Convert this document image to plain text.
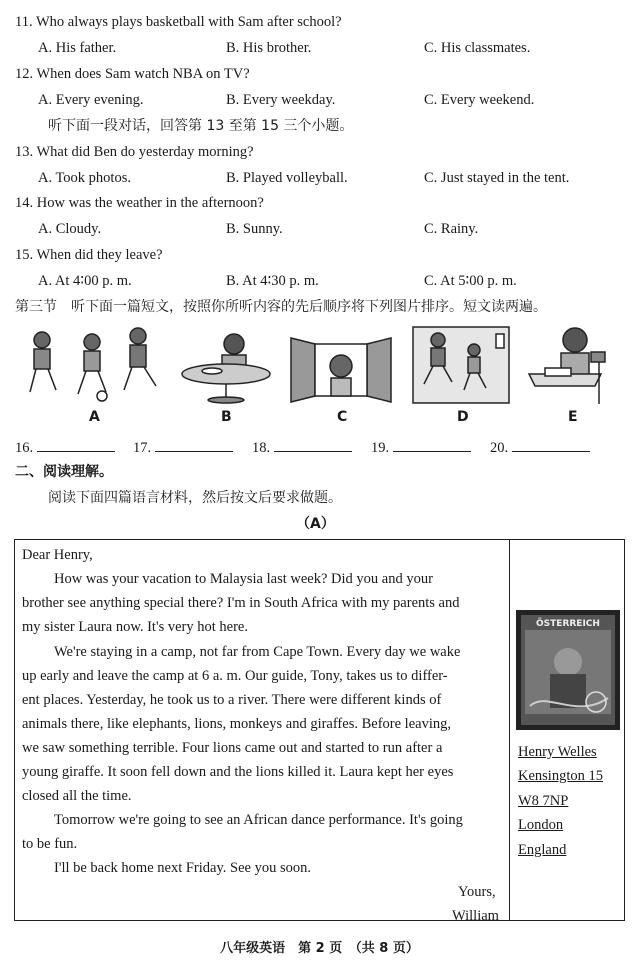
11. Who always plays basketball with Sam after school?
A. His father.	B. His brother.	C. His classmates.
12. When does Sam watch NBA on TV?
A. Every evening.	B. Every weekday.	C. Every weekend.
听下面一段对话，回答第 13 至第 15 三个小题。
13. What did Ben do yesterday morning?
A. Took photos.	B. Played volleyball.	C. Just stayed in the tent.
14. How was the weather in the afternoon?
A. Cloudy.	B. Sunny.	C. Rainy.
15. When did they leave?
A. At 4∶00 p. m.	B. At 4∶30 p. m.	C. At 5∶00 p. m.
第三节　听下面一篇短文，按照你所听内容的先后顺序将下列图片排序。短文读两遍。
A	B	C	D	E
16.	17.	18.	19.	20.
二、阅读理解。
阅读下面四篇语言材料，然后按文后要求做题。
（A）
Dear Henry,
How was your vacation to Malaysia last week? Did you and your
brother see anything special there? I'm in South Africa with my parents and
my sister Laura now. It's very hot here.
We're staying in a camp, not far from Cape Town. Every day we wake
up early and leave the camp at 6 a. m. Our guide, Tony, takes us to differ-
ent places. Yesterday, he took us to a river. There were different kinds of
animals there, like elephants, lions, monkeys and giraffes. Before leaving,
we saw something terrible. Four lions came out and started to run after a
young giraffe. It soon fell down and the lions killed it. Laura kept her eyes
closed all the time.
Tomorrow we're going to see an African dance performance. It's going
to be fun.
I'll be back home next Friday. See you soon.
Yours,
William
ÖSTERREICH
Henry Welles
Kensington 15
W8 7NP
London
England
八年级英语　第 2 页　（共 8 页）
